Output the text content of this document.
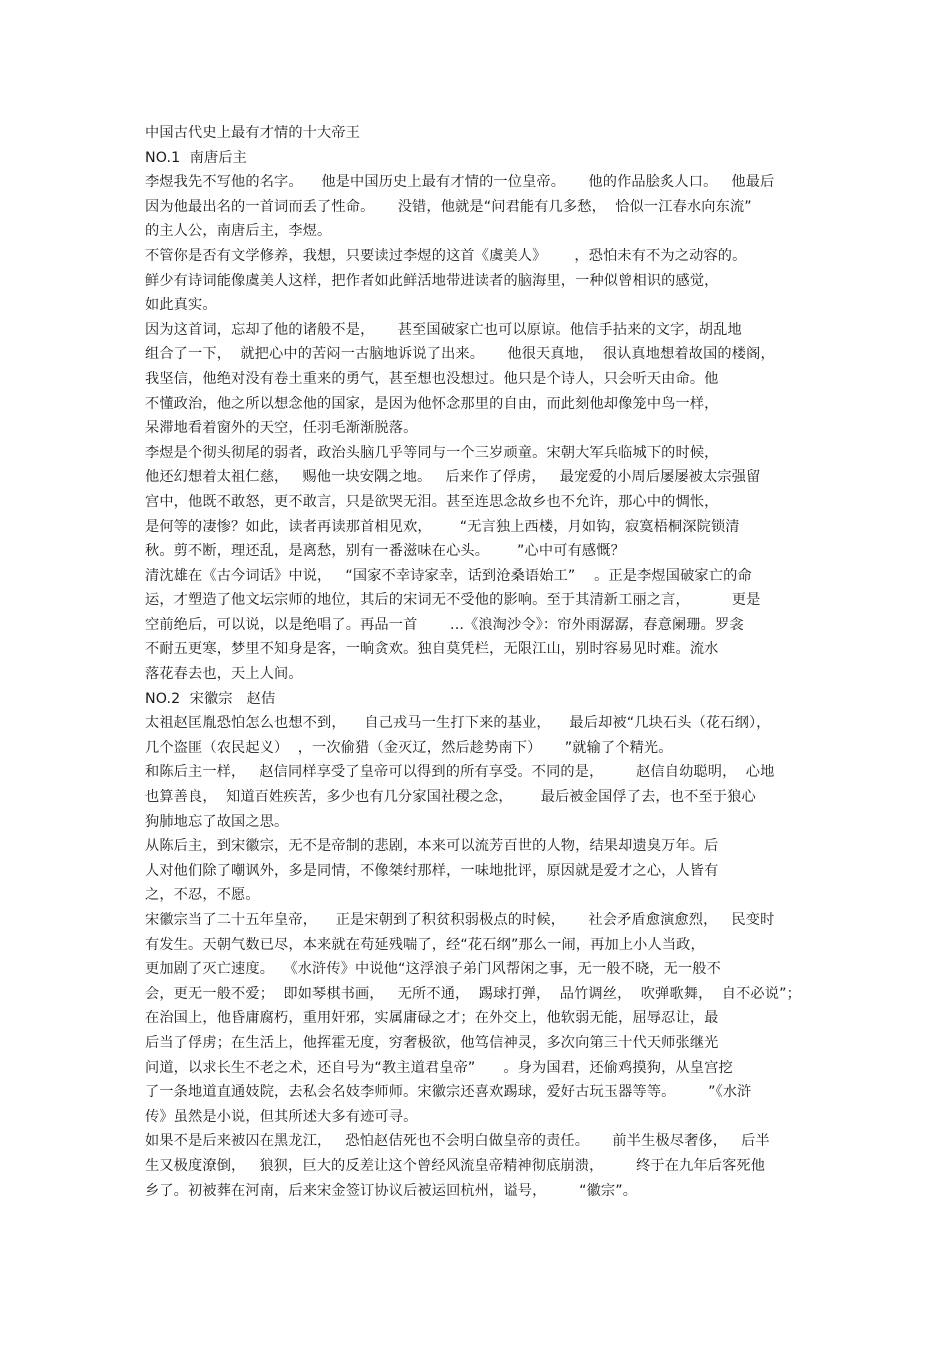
中国古代史上最有才情的十大帝王
NO.1  南唐后主
李煜我先不写他的名字。    他是中国历史上最有才情的一位皇帝。     他的作品脍炙人口。   他最后
因为他最出名的一首词而丢了性命。     没错，他就是“问君能有几多愁，  恰似一江春水向东流”
的主人公，南唐后主，李煜。
不管你是否有文学修养，我想，只要读过李煜的这首《虞美人》      ，恐怕未有不为之动容的。
鲜少有诗词能像虞美人这样，把作者如此鲜活地带进读者的脑海里，一种似曾相识的感觉，
如此真实。
因为这首词，忘却了他的诸般不是，     甚至国破家亡也可以原谅。他信手拈来的文字，胡乱地
组合了一下，  就把心中的苦闷一古脑地诉说了出来。     他很天真地，  很认真地想着故国的楼阁，
我坚信，他绝对没有卷土重来的勇气，甚至想也没想过。他只是个诗人，只会听天由命。他
不懂政治，他之所以想念他的国家，是因为他怀念那里的自由，而此刻他却像笼中鸟一样，
呆滞地看着窗外的天空，任羽毛渐渐脱落。
李煜是个彻头彻尾的弱者，政治头脑几乎等同与一个三岁顽童。宋朝大军兵临城下的时候，
他还幻想着太祖仁慈，   赐他一块安隅之地。   后来作了俘虏，   最宠爱的小周后屡屡被太宗强留
宫中，他既不敢怒，更不敢言，只是欲哭无泪。甚至连思念故乡也不允许，那心中的惆怅，
是何等的凄惨？如此，读者再读那首相见欢，      “无言独上西楼，月如钩，寂寞梧桐深院锁清
秋。剪不断，理还乱，是离愁，别有一番滋味在心头。      ”心中可有感慨？
清沈雄在《古今词话》中说，   “国家不幸诗家幸，话到沧桑语始工”    。正是李煜国破家亡的命
运，才塑造了他文坛宗师的地位，其后的宋词无不受他的影响。至于其清新工丽之言，         更是
空前绝后，可以说，以是绝唱了。再品一首       ...《浪淘沙令》：帘外雨潺潺，春意阑珊。罗衾
不耐五更寒，梦里不知身是客，一晌贪欢。独自莫凭栏，无限江山，别时容易见时难。流水
落花春去也，天上人间。
NO.2  宋徽宗   赵佶
太祖赵匡胤恐怕怎么也想不到，    自己戎马一生打下来的基业，    最后却被“几块石头（花石纲），
几个盗匪（农民起义）  ，一次偷猎（金灭辽，然后趁势南下）     ”就输了个精光。
和陈后主一样，   赵信同样享受了皇帝可以得到的所有享受。不同的是，       赵信自幼聪明，  心地
也算善良，  知道百姓疾苦，多少也有几分家国社稷之念，      最后被金国俘了去，也不至于狼心
狗肺地忘了故国之思。
从陈后主，到宋徽宗，无不是帝制的悲剧，本来可以流芳百世的人物，结果却遗臭万年。后
人对他们除了嘲讽外，多是同情，不像桀纣那样，一味地批评，原因就是爱才之心，人皆有
之，不忍，不愿。
宋徽宗当了二十五年皇帝，    正是宋朝到了积贫积弱极点的时候，     社会矛盾愈演愈烈，   民变时
有发生。天朝气数已尽，本来就在苟延残喘了，经“花石纲”那么一闹，再加上小人当政，
更加剧了灭亡速度。  《水浒传》中说他“这浮浪子弟门风帮闲之事，无一般不晓，无一般不
会，更无一般不爱；  即如琴棋书画，   无所不通，  踢球打弹，  品竹调丝，  吹弹歌舞，  自不必说”；
在治国上，他昏庸腐朽，重用奸邪，实属庸碌之才；在外交上，他软弱无能，屈辱忍让，最
后当了俘虏；在生活上，他挥霍无度，穷奢极欲，他笃信神灵，多次向第三十代天师张继光
问道，以求长生不老之术，还自号为“教主道君皇帝”      。身为国君，还偷鸡摸狗，从皇宫挖
了一条地道直通妓院，去私会名妓李师师。宋徽宗还喜欢踢球，爱好古玩玉器等等。       ”《水浒
传》虽然是小说，但其所述大多有迹可寻。
如果不是后来被囚在黑龙江，   恐怕赵佶死也不会明白做皇帝的责任。     前半生极尽奢侈，   后半
生又极度潦倒，   狼狈，巨大的反差让这个曾经风流皇帝精神彻底崩溃，       终于在九年后客死他
乡了。初被葬在河南，后来宋金签订协议后被运回杭州，谥号，       “徽宗”。
